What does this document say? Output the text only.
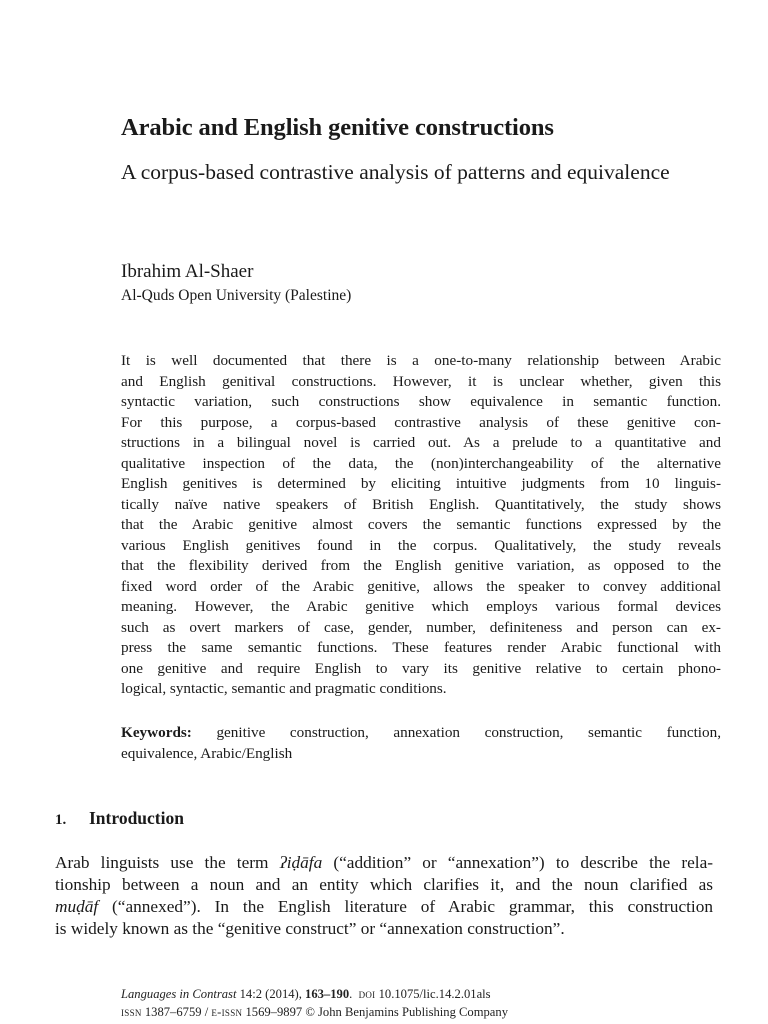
Arabic and English genitive constructions
A corpus-based contrastive analysis of patterns and equivalence
Ibrahim Al-Shaer
Al-Quds Open University (Palestine)
It is well documented that there is a one-to-many relationship between Arabic
and English genitival constructions. However, it is unclear whether, given this
syntactic variation, such constructions show equivalence in semantic function.
For this purpose, a corpus-based contrastive analysis of these genitive con-
structions in a bilingual novel is carried out. As a prelude to a quantitative and
qualitative inspection of the data, the (non)interchangeability of the alternative
English genitives is determined by eliciting intuitive judgments from 10 linguis-
tically naïve native speakers of British English. Quantitatively, the study shows
that the Arabic genitive almost covers the semantic functions expressed by the
various English genitives found in the corpus. Qualitatively, the study reveals
that the flexibility derived from the English genitive variation, as opposed to the
fixed word order of the Arabic genitive, allows the speaker to convey additional
meaning. However, the Arabic genitive which employs various formal devices
such as overt markers of case, gender, number, definiteness and person can ex-
press the same semantic functions. These features render Arabic functional with
one genitive and require English to vary its genitive relative to certain phono-
logical, syntactic, semantic and pragmatic conditions.
Keywords: genitive construction, annexation construction, semantic function,
equivalence, Arabic/English
1. Introduction
Arab linguists use the term ʔiḍāfa (“addition” or “annexation”) to describe the rela-
tionship between a noun and an entity which clarifies it, and the noun clarified as
muḍāf (“annexed”). In the English literature of Arabic grammar, this construction
is widely known as the “genitive construct” or “annexation construction”.
Languages in Contrast 14:2 (2014), 163–190.  doi 10.1075/lic.14.2.01als
issn 1387–6759 / e-issn 1569–9897 © John Benjamins Publishing Company
